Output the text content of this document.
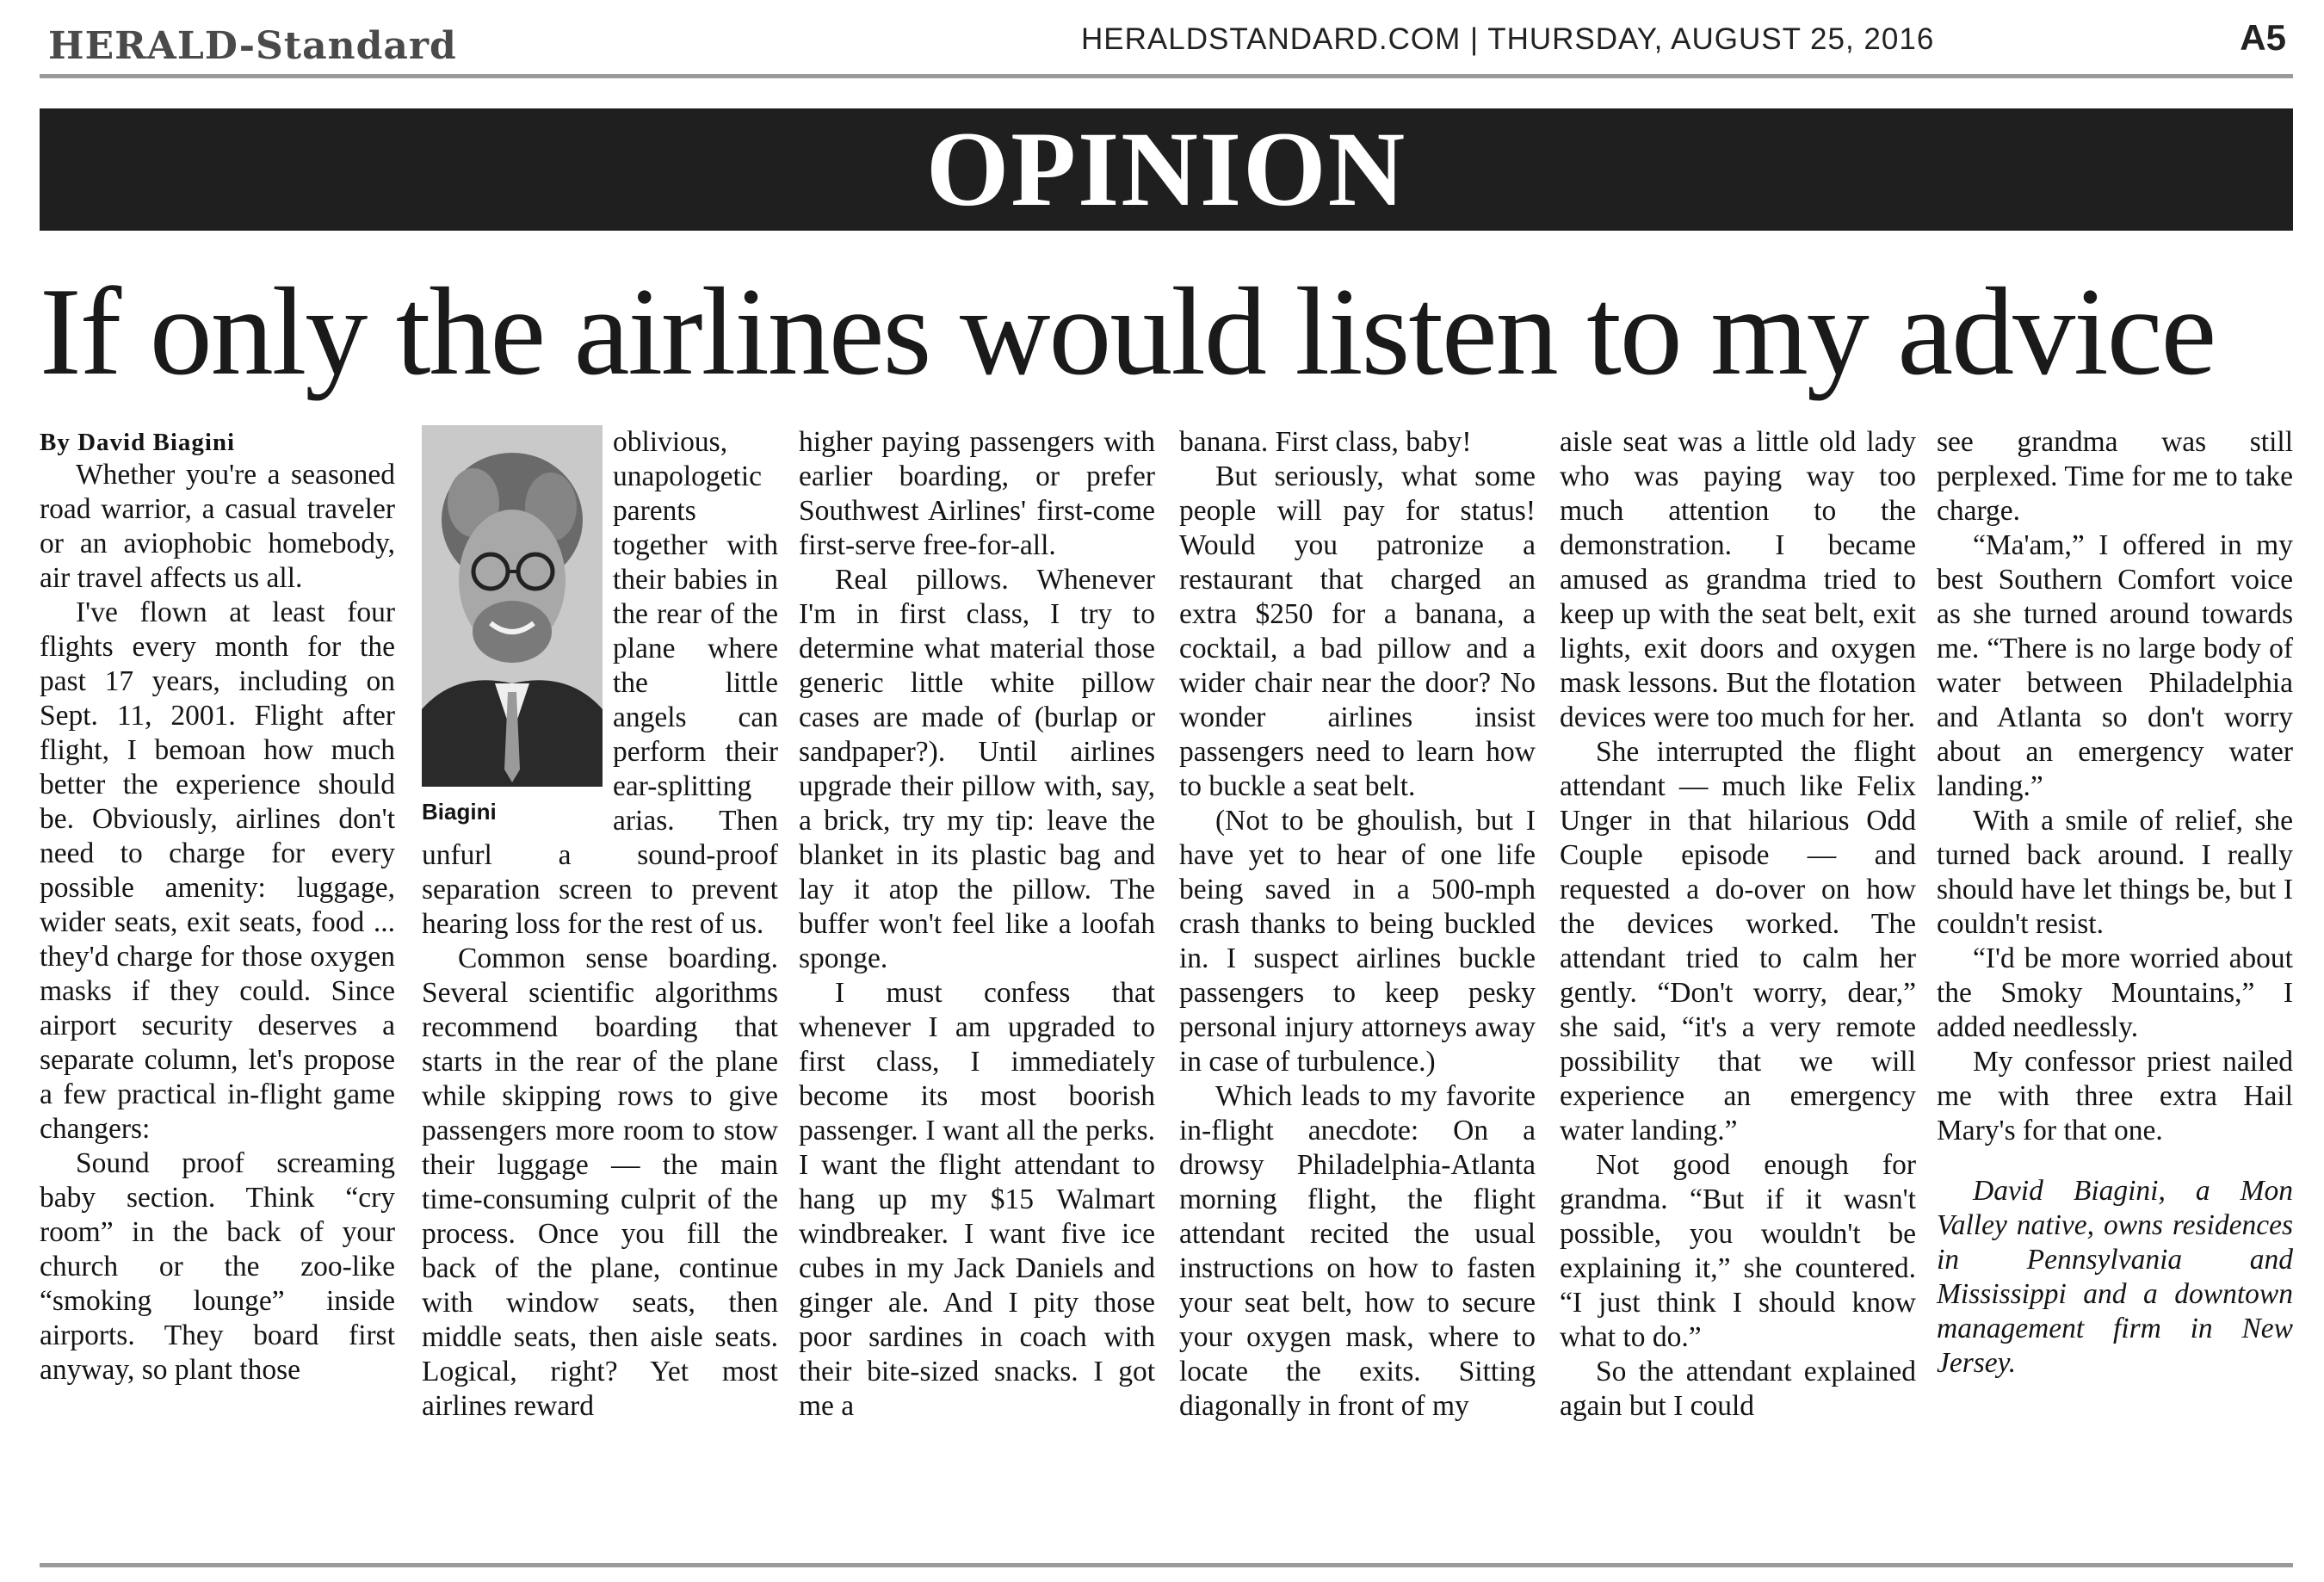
HERALD-Standard	HERALDSTANDARD.COM | THURSDAY, AUGUST 25, 2016	A5
OPINION
If only the airlines would listen to my advice

By David Biagini

Whether you're a seasoned road warrior, a casual traveler or an aviophobic homebody, air travel affects us all.

I've flown at least four flights every month for the past 17 years, including on Sept. 11, 2001. Flight after flight, I bemoan how much better the experience should be. Obviously, airlines don't need to charge for every possible amenity: luggage, wider seats, exit seats, food ... they'd charge for those oxygen masks if they could. Since airport security deserves a separate column, let's propose a few practical in-flight game changers:

Sound proof screaming baby section. Think “cry room” in the back of your church or the zoo-like “smoking lounge” inside airports. They board first anyway, so plant those

Biagini

oblivious, unapologetic parents together with their babies in the rear of the plane where the little angels can perform their ear-splitting arias. Then unfurl a sound-proof separation screen to prevent hearing loss for the rest of us.

Common sense boarding. Several scientific algorithms recommend boarding that starts in the rear of the plane while skipping rows to give passengers more room to stow their luggage — the main time-consuming culprit of the process. Once you fill the back of the plane, continue with window seats, then middle seats, then aisle seats. Logical, right? Yet most airlines reward

higher paying passengers with earlier boarding, or prefer Southwest Airlines' first-come first-serve free-for-all.

Real pillows. Whenever I'm in first class, I try to determine what material those generic little white pillow cases are made of (burlap or sandpaper?). Until airlines upgrade their pillow with, say, a brick, try my tip: leave the blanket in its plastic bag and lay it atop the pillow. The buffer won't feel like a loofah sponge.

I must confess that whenever I am upgraded to first class, I immediately become its most boorish passenger. I want all the perks. I want the flight attendant to hang up my $15 Walmart windbreaker. I want five ice cubes in my Jack Daniels and ginger ale. And I pity those poor sardines in coach with their bite-sized snacks. I got me a

banana. First class, baby!

But seriously, what some people will pay for status! Would you patronize a restaurant that charged an extra $250 for a banana, a cocktail, a bad pillow and a wider chair near the door? No wonder airlines insist passengers need to learn how to buckle a seat belt.

(Not to be ghoulish, but I have yet to hear of one life being saved in a 500-mph crash thanks to being buckled in. I suspect airlines buckle passengers to keep pesky personal injury attorneys away in case of turbulence.)

Which leads to my favorite in-flight anecdote: On a drowsy Philadelphia-Atlanta morning flight, the flight attendant recited the usual instructions on how to fasten your seat belt, how to secure your oxygen mask, where to locate the exits. Sitting diagonally in front of my

aisle seat was a little old lady who was paying way too much attention to the demonstration. I became amused as grandma tried to keep up with the seat belt, exit lights, exit doors and oxygen mask lessons. But the flotation devices were too much for her.

She interrupted the flight attendant — much like Felix Unger in that hilarious Odd Couple episode — and requested a do-over on how the devices worked. The attendant tried to calm her gently. “Don't worry, dear,” she said, “it's a very remote possibility that we will experience an emergency water landing.”

Not good enough for grandma. “But if it wasn't possible, you wouldn't be explaining it,” she countered. “I just think I should know what to do.”

So the attendant explained again but I could

see grandma was still perplexed. Time for me to take charge.

“Ma'am,” I offered in my best Southern Comfort voice as she turned around towards me. “There is no large body of water between Philadelphia and Atlanta so don't worry about an emergency water landing.”

With a smile of relief, she turned back around. I really should have let things be, but I couldn't resist.

“I'd be more worried about the Smoky Mountains,” I added needlessly.

My confessor priest nailed me with three extra Hail Mary's for that one.

David Biagini, a Mon Valley native, owns residences in Pennsylvania and Mississippi and a downtown management firm in New Jersey.
